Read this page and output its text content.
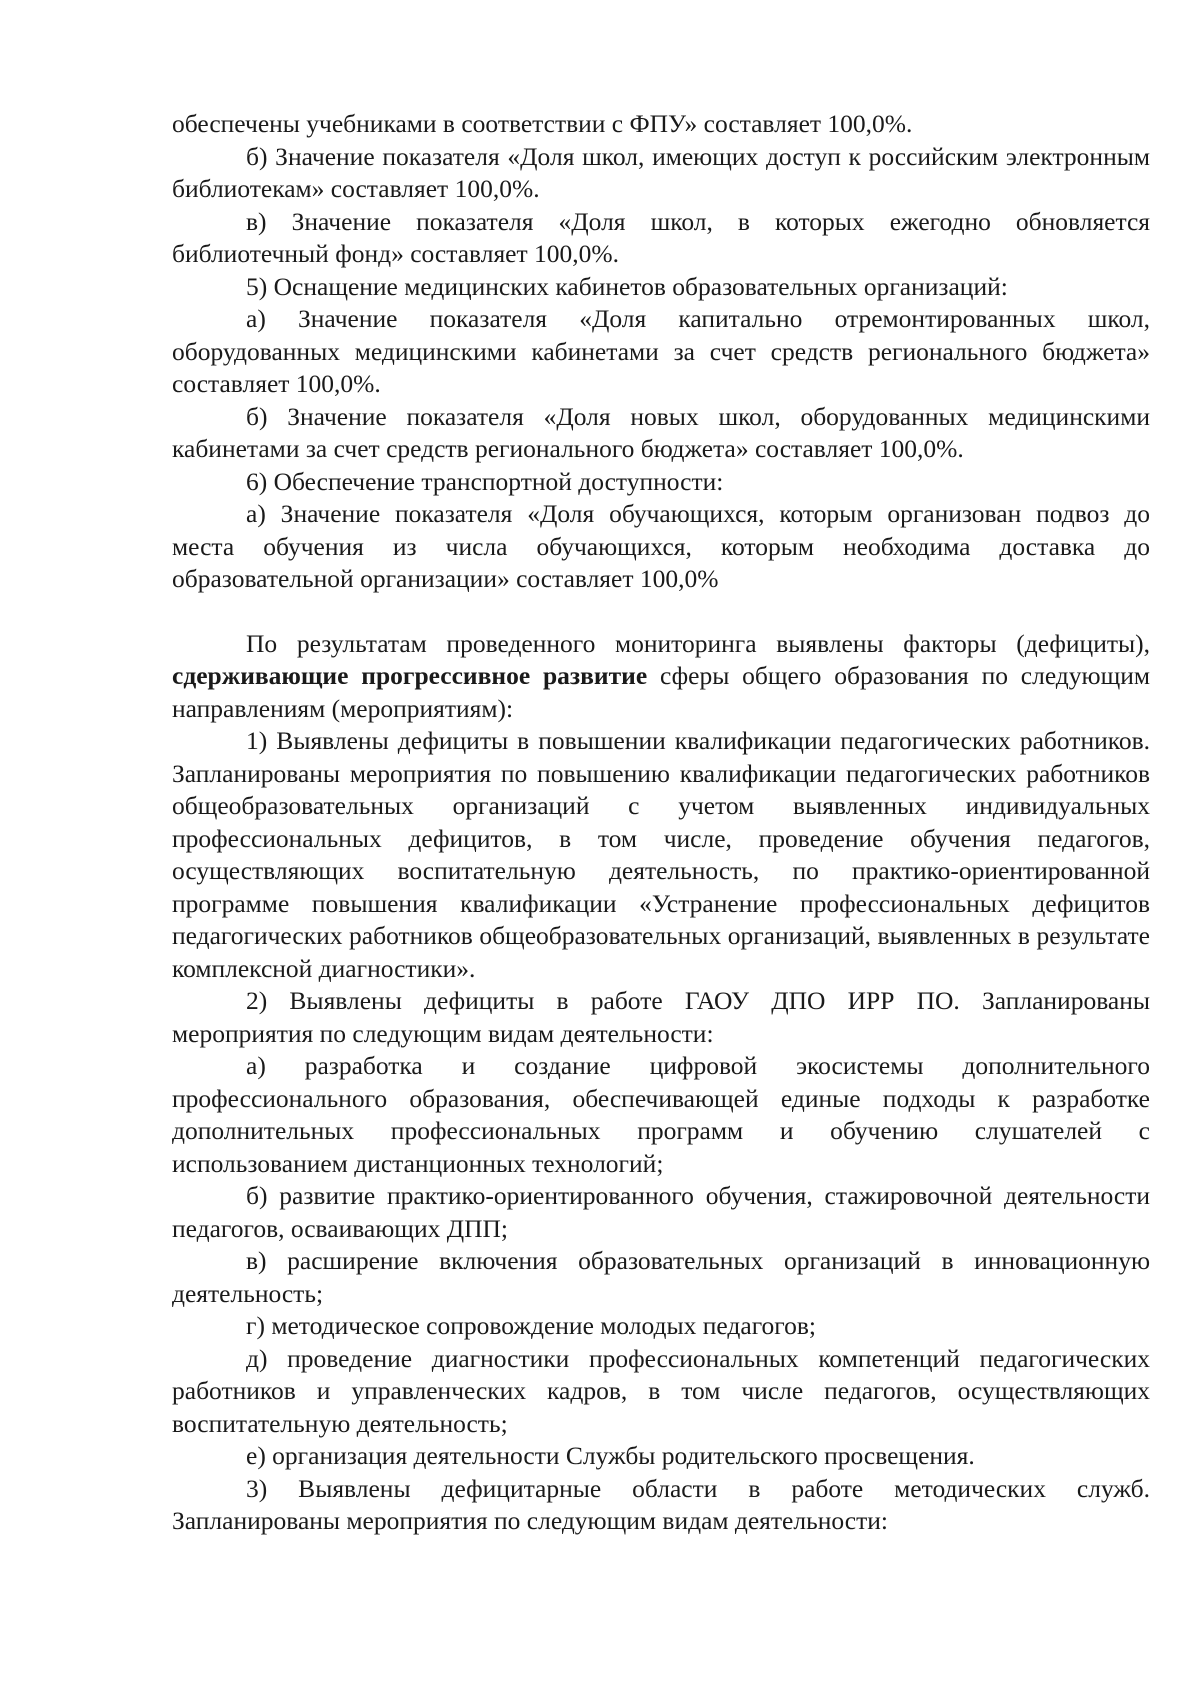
обеспечены учебниками в соответствии с ФПУ» составляет 100,0%.

б) Значение показателя «Доля школ, имеющих доступ к российским электронным библиотекам» составляет 100,0%.

в) Значение показателя «Доля школ, в которых ежегодно обновляется библиотечный фонд» составляет 100,0%.

5) Оснащение медицинских кабинетов образовательных организаций:

а) Значение показателя «Доля капитально отремонтированных школ, оборудованных медицинскими кабинетами за счет средств регионального бюджета» составляет 100,0%.

б) Значение показателя «Доля новых школ, оборудованных медицинскими кабинетами за счет средств регионального бюджета» составляет 100,0%.

6) Обеспечение транспортной доступности:

а) Значение показателя «Доля обучающихся, которым организован подвоз до места обучения из числа обучающихся, которым необходима доставка до образовательной организации» составляет 100,0%

По результатам проведенного мониторинга выявлены факторы (дефициты), сдерживающие прогрессивное развитие сферы общего образования по следующим направлениям (мероприятиям):

1) Выявлены дефициты в повышении квалификации педагогических работников. Запланированы мероприятия по повышению квалификации педагогических работников общеобразовательных организаций с учетом выявленных индивидуальных профессиональных дефицитов, в том числе, проведение обучения педагогов, осуществляющих воспитательную деятельность, по практико-ориентированной программе повышения квалификации «Устранение профессиональных дефицитов педагогических работников общеобразовательных организаций, выявленных в результате комплексной диагностики».

2) Выявлены дефициты в работе ГАОУ ДПО ИРР ПО. Запланированы мероприятия по следующим видам деятельности:

а) разработка и создание цифровой экосистемы дополнительного профессионального образования, обеспечивающей единые подходы к разработке дополнительных профессиональных программ и обучению слушателей с использованием дистанционных технологий;

б) развитие практико-ориентированного обучения, стажировочной деятельности педагогов, осваивающих ДПП;

в) расширение включения образовательных организаций в инновационную деятельность;

г) методическое сопровождение молодых педагогов;

д) проведение диагностики профессиональных компетенций педагогических работников и управленческих кадров, в том числе педагогов, осуществляющих воспитательную деятельность;

е) организация деятельности Службы родительского просвещения.

3) Выявлены дефицитарные области в работе методических служб. Запланированы мероприятия по следующим видам деятельности:
